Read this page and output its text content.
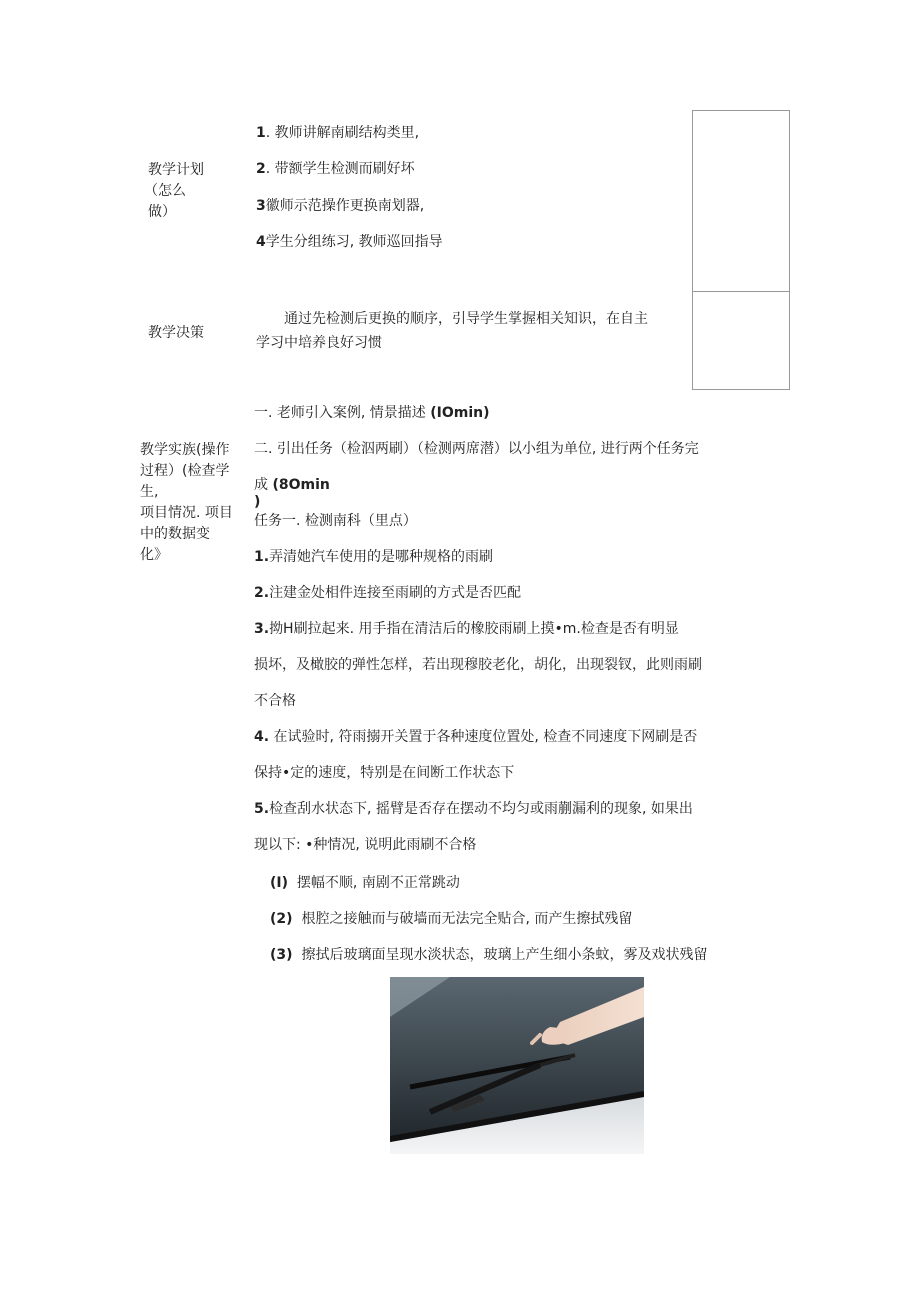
教学计划
（怎么
做）
1. 教师讲解南刷结构类里,
2. 带额学生检测而刷好坏
3徽师示范操作更换南划器,
4学生分组练习, 教师巡回指导
教学决策
通过先检测后更换的顺序，引导学生掌握相关知识，在自主
学习中培养良好习惯
教学实族(操作
过程）(检查学
生,
项目情况. 项目
中的数据变
化》
一. 老师引入案例, 情景描述 (IOmin)
二. 引出任务（检泅两刷）（检测两席潜）以小组为单位, 进行两个任务完
成 (8Omin
)
任务一. 检测南科（里点）
1.弄清她汽车使用的是哪种规格的雨刷
2.注建金处相件连接至雨刷的方式是否匹配
3.拗H刷拉起来. 用手指在清洁后的橡胶雨刷上摸•m.检查是否有明显
损坏，及橄胶的弹性怎样，若出现穆胶老化，胡化，出现裂钗，此则雨刷
不合格
4. 在试验时, 符雨搦开关置于各种速度位置处, 检查不同速度下网刷是否
保持•定的速度，特别是在间断工作状态下
5.检查刮水状态下, 摇臂是否存在摆动不均匀或雨蒯漏利的现象, 如果出
现以下: •种情况, 说明此雨刷不合格
(I) 摆幅不顺, 南剧不正常跳动
(2) 根腔之接触而与破墙而无法完全贴合, 而产生擦拭残留
(3) 擦拭后玻璃面呈现水淡状态，玻璃上产生细小条蚊，雾及戏状残留
